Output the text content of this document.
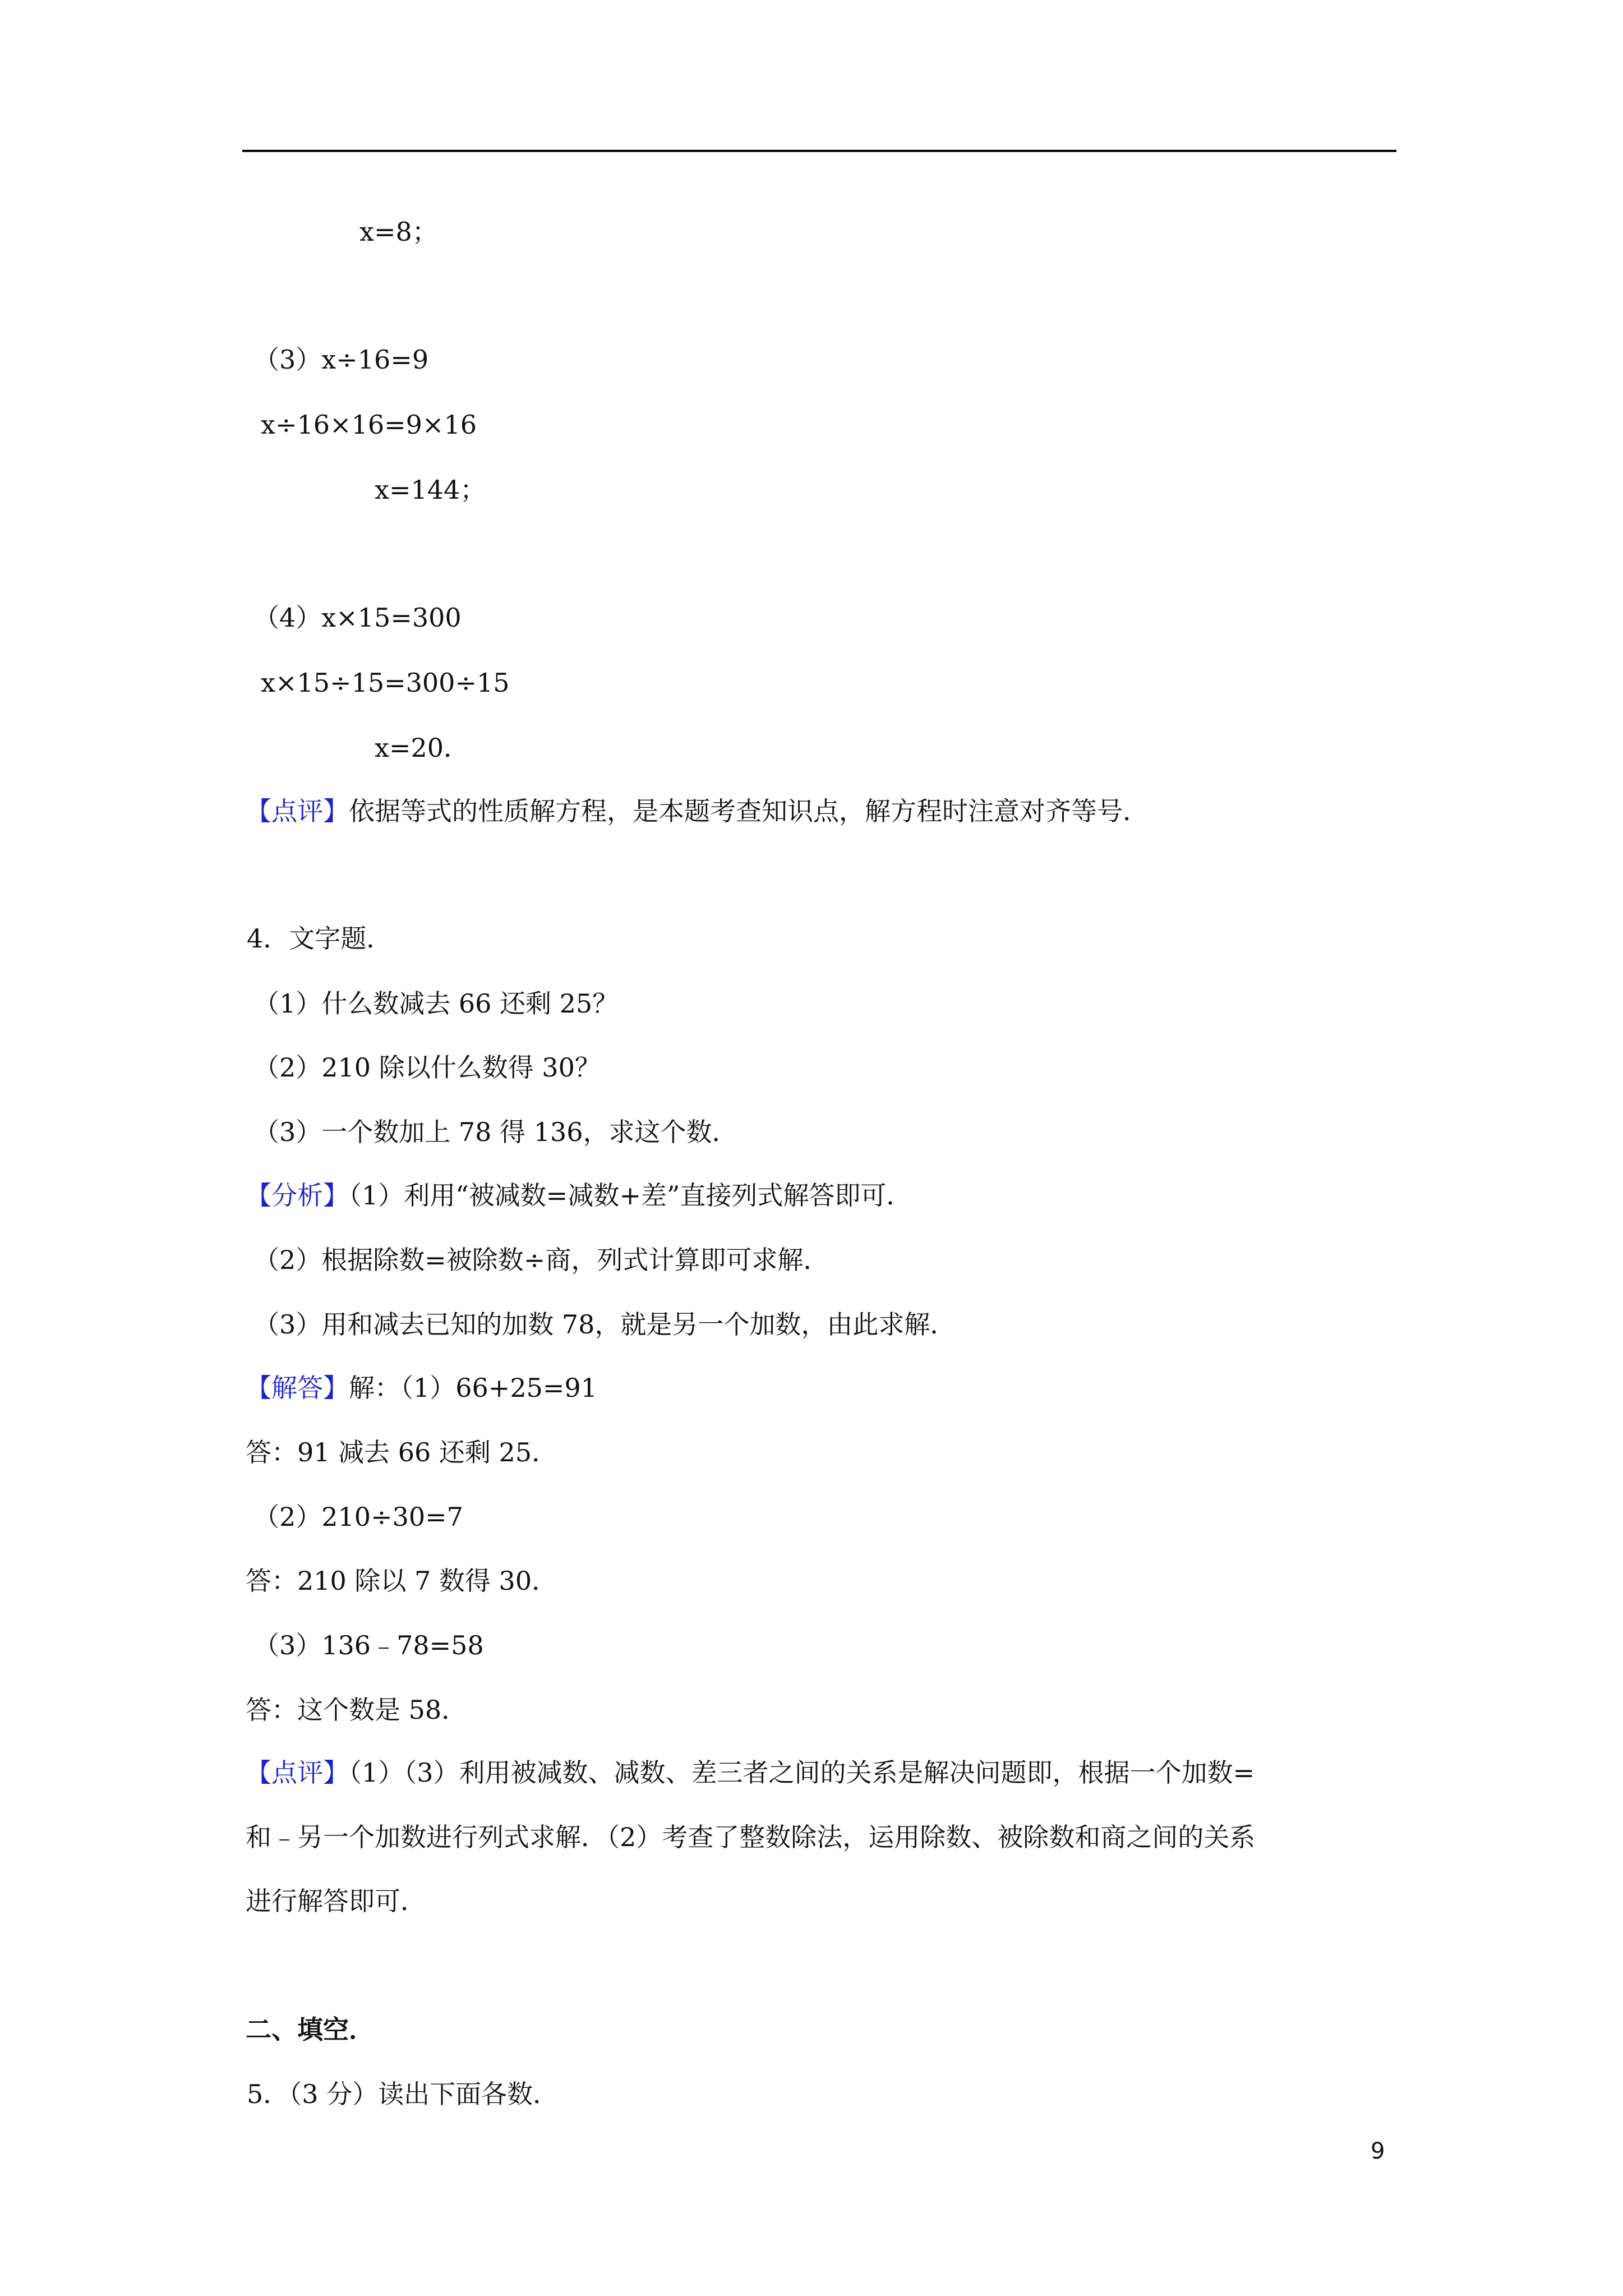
x=8；
（3）x÷16=9
x÷16×16=9×16
x=144；
（4）x×15=300
x×15÷15=300÷15
x=20．
【点评】依据等式的性质解方程，是本题考查知识点，解方程时注意对齐等号．
4．文字题．
（1）什么数减去 66 还剩 25？
（2）210 除以什么数得 30？
（3）一个数加上 78 得 136，求这个数．
【分析】（1）利用“被减数=减数+差”直接列式解答即可．
（2）根据除数=被除数÷商，列式计算即可求解．
（3）用和减去已知的加数 78，就是另一个加数，由此求解．
【解答】解：（1）66+25=91
答：91 减去 66 还剩 25．
（2）210÷30=7
答：210 除以 7 数得 30．
（3）136﹣78=58
答：这个数是 58．
【点评】（1）（3）利用被减数、减数、差三者之间的关系是解决问题即，根据一个加数=
和﹣另一个加数进行列式求解．（2）考查了整数除法，运用除数、被除数和商之间的关系
进行解答即可．
二、填空．
5．（3 分）读出下面各数．
9
